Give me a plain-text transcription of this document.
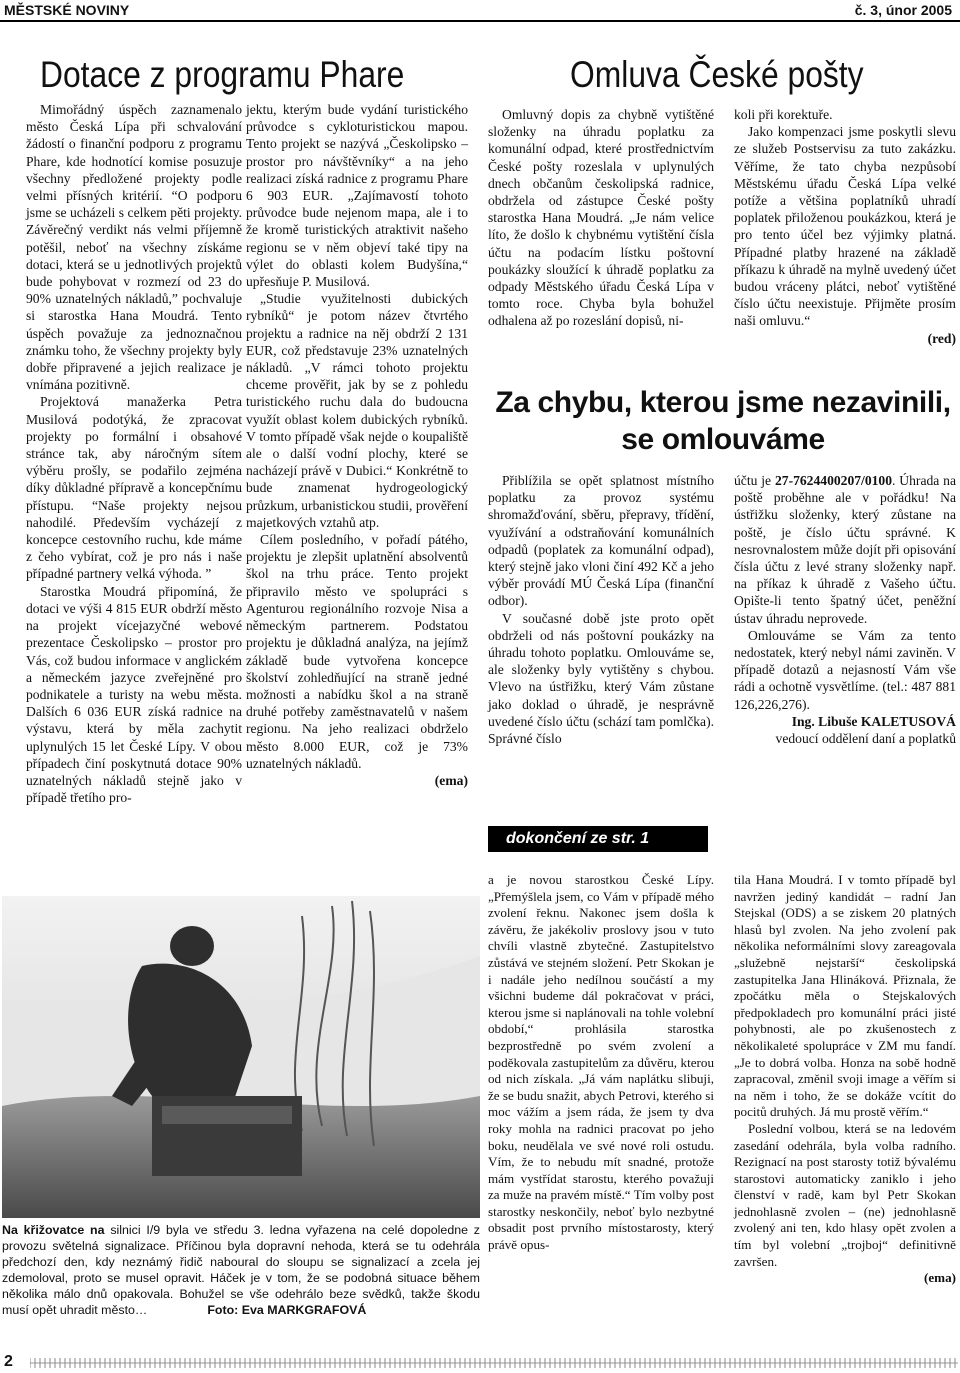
MĚSTSKÉ NOVINY	č. 3, únor 2005
Dotace z programu Phare

Mimořádný úspěch zaznamenalo město Česká Lípa při schvalování žádostí o finanční podporu z programu Phare, kde hodnotící komise posuzuje všechny předložené projekty podle velmi přísných kritérií. “O podporu jsme se ucházeli s celkem pěti projekty. Závěrečný verdikt nás velmi příjemně potěšil, neboť na všechny získáme dotaci, která se u jednotlivých projektů bude pohybovat v rozmezí od 23 do 90% uznatelných nákladů,” pochvaluje si starostka Hana Moudrá. Tento úspěch považuje za jednoznačnou známku toho, že všechny projekty byly dobře připravené a jejich realizace je vnímána pozitivně.

Projektová manažerka Petra Musilová podotýká, že zpracovat projekty po formální i obsahové stránce tak, aby náročným sítem výběru prošly, se podařilo zejména díky důkladné přípravě a koncepčnímu přístupu. “Naše projekty nejsou nahodilé. Především vycházejí z koncepce cestovního ruchu, kde máme z čeho vybírat, což je pro nás i naše případné partnery velká výhoda. ”

Starostka Moudrá připomíná, že dotaci ve výši 4 815 EUR obdrží město na projekt vícejazyčné webové prezentace Českolipsko – prostor pro Vás, což budou informace v anglickém a německém jazyce zveřejněné pro podnikatele a turisty na webu města. Dalších 6 036 EUR získá radnice na výstavu, která by měla zachytit uplynulých 15 let České Lípy. V obou případech činí poskytnutá dotace 90% uznatelných nákladů stejně jako v případě třetího pro-

jektu, kterým bude vydání turistického průvodce s cykloturistickou mapou. Tento projekt se nazývá „Českolipsko – prostor pro návštěvníky“ a na jeho realizaci získá radnice z programu Phare 6 903 EUR. „Zajímavostí tohoto průvodce bude nejenom mapa, ale i to že kromě turistických atraktivit našeho regionu se v něm objeví také tipy na výlet do oblasti kolem Budyšína,“ upřesňuje P. Musilová.

„Studie využitelnosti dubických rybníků“ je potom název čtvrtého projektu a radnice na něj obdrží 2 131 EUR, což představuje 23% uznatelných nákladů. „V rámci tohoto projektu chceme prověřit, jak by se z pohledu turistického ruchu dala do budoucna využít oblast kolem dubických rybníků. V tomto případě však nejde o koupaliště ale o další vodní plochy, které se nacházejí právě v Dubici.“ Konkrétně to bude znamenat hydrogeologický průzkum, urbanistickou studii, prověření majetkových vztahů atp.

Cílem posledního, v pořadí pátého, projektu je zlepšit uplatnění absolventů škol na trhu práce. Tento projekt připravilo město ve spolupráci s Agenturou regionálního rozvoje Nisa a německým partnerem. Podstatou projektu je důkladná analýza, na jejímž základě bude vytvořena koncepce školství zohledňující na straně jedné možnosti a nabídku škol a na straně druhé potřeby zaměstnavatelů v našem regionu. Na jeho realizaci obdrželo město 8.000 EUR, což je 73% uznatelných nákladů.

(ema)
Omluva České pošty

Omluvný dopis za chybně vytištěné složenky na úhradu poplatku za komunální odpad, které prostřednictvím České pošty rozeslala v uplynulých dnech občanům českolipská radnice, obdržela od zástupce České pošty starostka Hana Moudrá. „Je nám velice líto, že došlo k chybnému vytištění čísla účtu na podacím lístku poštovní poukázky sloužící k úhradě poplatku za odpady Městského úřadu Česká Lípa v tomto roce. Chyba byla bohužel odhalena až po rozeslání dopisů, ni-

koli při korektuře.

Jako kompenzaci jsme poskytli slevu ze služeb Postservisu za tuto zakázku. Věříme, že tato chyba nezpůsobí Městskému úřadu Česká Lípa velké potíže a většina poplatníků uhradí poplatek přiloženou poukázkou, která je pro tento účel bez výjimky platná. Případné platby hrazené na základě příkazu k úhradě na mylně uvedený účet budou vráceny plátci, neboť vytištěné číslo účtu neexistuje. Přijměte prosím naši omluvu.“

(red)
Za chybu, kterou jsme nezavinili, se omlouváme

Přiblížila se opět splatnost místního poplatku za provoz systému shromažďování, sběru, přepravy, třídění, využívání a odstraňování komunálních odpadů (poplatek za komunální odpad), který stejně jako vloni činí 492 Kč a jeho výběr provádí MÚ Česká Lípa (finanční odbor).

V současné době jste proto opět obdrželi od nás poštovní poukázky na úhradu tohoto poplatku. Omlouváme se, ale složenky byly vytištěny s chybou. Vlevo na ústřižku, který Vám zůstane jako doklad o úhradě, je nesprávně uvedené číslo účtu (schází tam pomlčka). Správné číslo

účtu je 27-7624400207/0100. Úhrada na poště proběhne ale v pořádku! Na ústřižku složenky, který zůstane na poště, je číslo účtu správné. K nesrovnalostem může dojít při opisování čísla účtu z levé strany složenky např. na příkaz k úhradě z Vašeho účtu. Opište-li tento špatný účet, peněžní ústav úhradu neprovede.

Omlouváme se Vám za tento nedostatek, který nebyl námi zaviněn. V případě dotazů a nejasností Vám vše rádi a ochotně vysvětlíme. (tel.: 487 881 126,226,276).

Ing. Libuše KALETUSOVÁ
vedoucí oddělení daní a poplatků
dokončení ze str. 1

a je novou starostkou České Lípy. „Přemýšlela jsem, co Vám v případě mého zvolení řeknu. Nakonec jsem došla k závěru, že jakékoliv proslovy jsou v tuto chvíli vlastně zbytečné. Zastupitelstvo zůstává ve stejném složení. Petr Skokan je i nadále jeho nedílnou součástí a my všichni budeme dál pokračovat v práci, kterou jsme si naplánovali na tohle volební období,“ prohlásila starostka bezprostředně po svém zvolení a poděkovala zastupitelům za důvěru, kterou od nich získala. „Já vám naplátku slibuji, že se budu snažit, abych Petrovi, kterého si moc vážím a jsem ráda, že jsem ty dva roky mohla na radnici pracovat po jeho boku, neudělala ve své nové roli ostudu. Vím, že to nebudu mít snadné, protože mám vystřídat starostu, kterého považuji za muže na pravém místě.“ Tím volby post starostky neskončily, neboť bylo nezbytné obsadit post prvního místostarosty, který právě opus-

tila Hana Moudrá. I v tomto případě byl navržen jediný kandidát – radní Jan Stejskal (ODS) a se ziskem 20 platných hlasů byl zvolen. Na jeho zvolení pak několika neformálními slovy zareagovala „služebně nejstarší“ českolipská zastupitelka Jana Hlináková. Přiznala, že zpočátku měla o Stejskalových předpokladech pro komunální práci jisté pohybnosti, ale po zkušenostech z několikaleté spolupráce v ZM mu fandí. „Je to dobrá volba. Honza na sobě hodně zapracoval, změnil svoji image a věřím si na něm i toho, že se dokáže vcítit do pocitů druhých. Já mu prostě věřím.“

Poslední volbou, která se na ledovém zasedání odehrála, byla volba radního. Rezignací na post starosty totiž bývalému starostovi automaticky zaniklo i jeho členství v radě, kam byl Petr Skokan jednohlasně zvolen – (ne) jednohlasně zvolený ani ten, kdo hlasy opět zvolen a tím byl volební „trojboj“ definitivně završen.

(ema)
Na křižovatce na silnici I/9 byla ve středu 3. ledna vyřazena na celé dopoledne z provozu světelná signalizace. Příčinou byla dopravní nehoda, která se tu odehrála předchozí den, kdy neznámý řidič naboural do sloupu se signalizací a zcela jej zdemoloval, proto se musel opravit. Háček je v tom, že se podobná situace během několika málo dnů opakovala. Bohužel se vše odehrálo beze svědků, takže škodu musí opět uhradit město…	Foto: Eva MARKGRAFOVÁ
2
